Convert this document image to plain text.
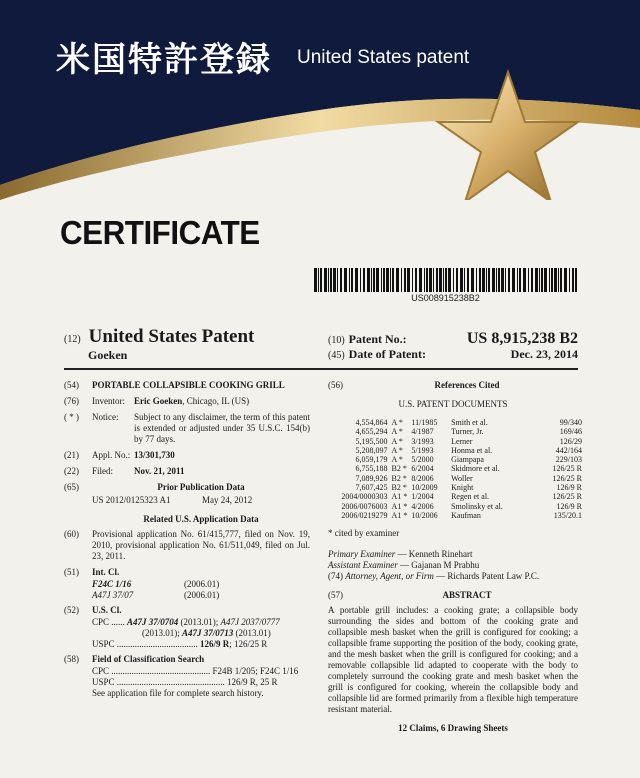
米国特許登録 United States patent
CERTIFICATE
US008915238B2
(12) United States Patent
Goeken
(10) Patent No.:	US 8,915,238 B2
(45) Date of Patent:	Dec. 23, 2014
(54)	PORTABLE COLLAPSIBLE COOKING GRILL
(76)	Inventor:	Eric Goeken, Chicago, IL (US)
( * )	Notice:	Subject to any disclaimer, the term of this patent is extended or adjusted under 35 U.S.C. 154(b) by 77 days.
(21)	Appl. No.: 13/301,730
(22)	Filed:	Nov. 21, 2011
(65)	Prior Publication Data
US 2012/0125323 A1	May 24, 2012
Related U.S. Application Data
(60)	Provisional application No. 61/415,777, filed on Nov. 19, 2010, provisional application No. 61/511,049, filed on Jul. 23, 2011.
(51)	Int. Cl.
F24C 1/16	(2006.01)
A47J 37/07	(2006.01)
(52)	U.S. Cl.
CPC ...... A47J 37/0704 (2013.01); A47J 2037/0777
(2013.01); A47J 37/0713 (2013.01)
USPC .................................... 126/9 R; 126/25 R
(58)	Field of Classification Search
CPC ............................................ F24B 1/205; F24C 1/16
USPC ................................................ 126/9 R, 25 R
See application file for complete search history.
(56)	References Cited
U.S. PATENT DOCUMENTS
4,554,864 A *	11/1985	Smith et al.	99/340
4,655,294 A *	4/1987	Turner, Jr.	169/46
5,195,500 A *	3/1993	Lerner	126/29
5,208,097 A *	5/1993	Honma et al.	442/164
6,059,179 A *	5/2000	Giampapa	229/103
6,755,188 B2 * 6/2004	Skidmore et al.	126/25 R
7,089,926 B2 * 8/2006	Woller	126/25 R
7,607,425 B2 * 10/2009	Knight	126/9 R
2004/0000303 A1 * 1/2004	Regen et al.	126/25 R
2006/0076003 A1 * 4/2006	Smolinsky et al.	126/9 R
2006/0219279 A1 * 10/2006	Kaufman	135/20.1
* cited by examiner
Primary Examiner — Kenneth Rinehart
Assistant Examiner — Gajanan M Prabhu
(74) Attorney, Agent, or Firm — Richards Patent Law P.C.
(57)	ABSTRACT
A portable grill includes: a cooking grate; a collapsible body surrounding the sides and bottom of the cooking grate and collapsible mesh basket when the grill is configured for cooking; a collapsible frame supporting the position of the body, cooking grate, and the mesh basket when the grill is configured for cooking; and a removable collapsible lid adapted to cooperate with the body to completely surround the cooking grate and mesh basket when the grill is configured for cooking, wherein the collapsible body and collapsible lid are formed primarily from a flexible high temperature resistant material.
12 Claims, 6 Drawing Sheets
